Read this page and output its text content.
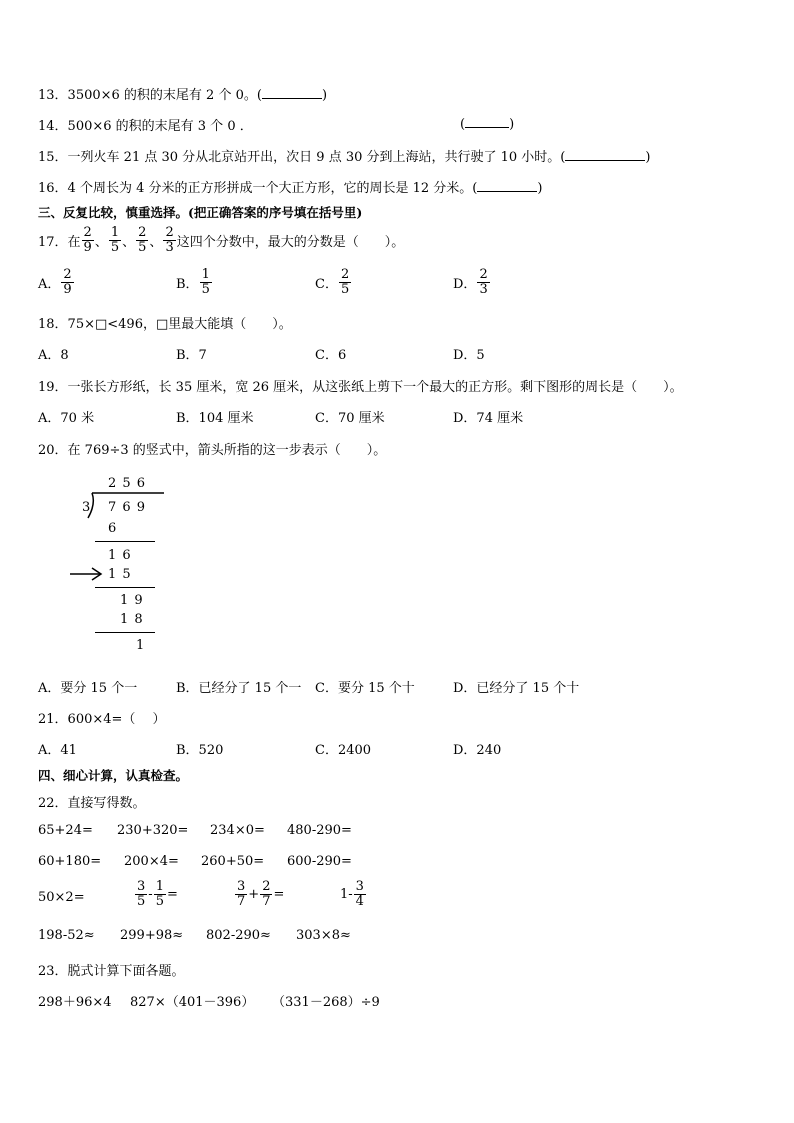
13．3500×6 的积的末尾有 2 个 0。(	)
14．500×6 的积的末尾有 3 个 0 ．	(	)
15．一列火车 21 点 30 分从北京站开出，次日 9 点 30 分到上海站，共行驶了 10 小时。(	)
16．4 个周长为 4 分米的正方形拼成一个大正方形，它的周长是 12 分米。(	)
三、反复比较，慎重选择。(把正确答案的序号填在括号里)
17．在
2
9 、
1
5 、
2
5 、
2
3 这四个分数中，最大的分数是（　　）。
A．
2
9	B．
1
5	C．
2
5	D．
2
3
18．75×□<496，□里最大能填（　　）。
A．8	B．7	C．6	D．5
19．一张长方形纸，长 35 厘米，宽 26 厘米，从这张纸上剪下一个最大的正方形。剩下图形的周长是（　　）。
A．70 米	B．104 厘米	C．70 厘米	D．74 厘米
20．在 769÷3 的竖式中，箭头所指的这一步表示（　　）。
2 5 6
3 7 6 9
6
1 6
1 5
1 9
1 8
1
A．要分 15 个一	B．已经分了 15 个一 C．要分 15 个十	D．已经分了 15 个十
21．600×4=（　 ）
A．41	B．520	C．2400	D．240
四、细心计算，认真检查。
22．直接写得数。
65+24= 230+320= 234×0= 480-290=
60+180= 200×4= 260+50= 600-290=
50×2=
3
$5 - \frac{1}{5}$ =
3
$7 + \frac{2}{7}$ =	1-
3
4
198-52≈ 299+98≈ 802-290≈ 303×8≈
23．脱式计算下面各题。
298＋96×4 827×（401－396） （331－268）÷9
